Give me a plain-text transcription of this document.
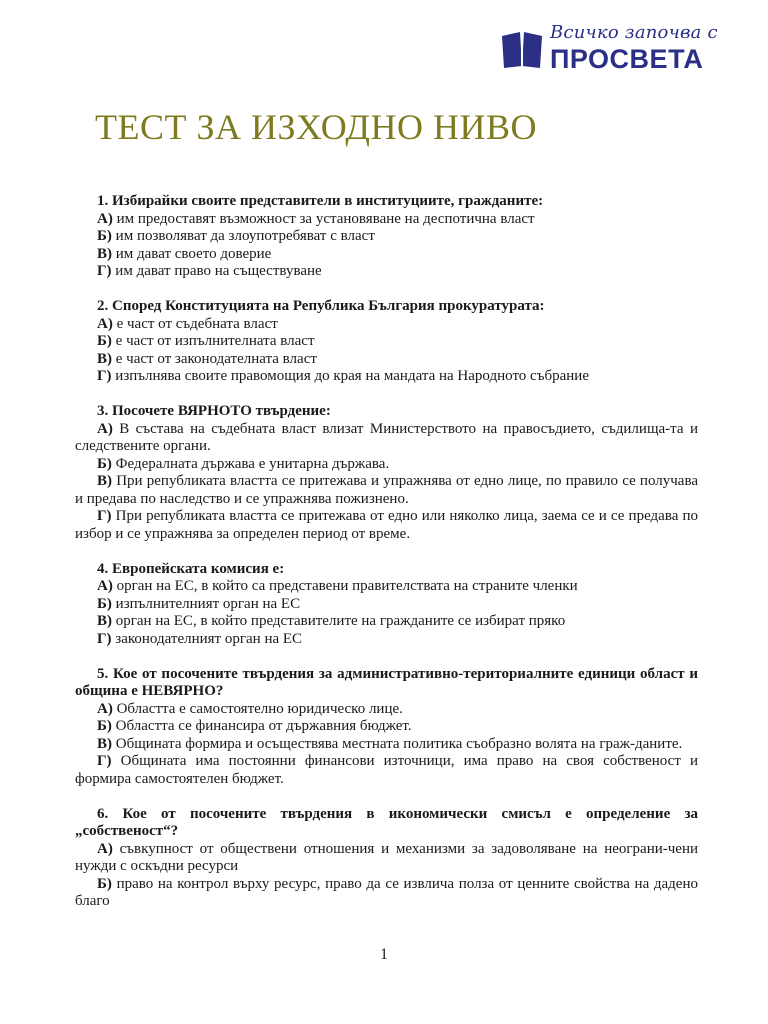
Всичко започва с
ПРОСВЕТА
ТЕСТ ЗА ИЗХОДНО НИВО
1. Избирайки своите представители в институциите, гражданите:
А) им предоставят възможност за установяване на деспотична власт
Б) им позволяват да злоупотребяват с власт
В) им дават своето доверие
Г) им дават право на съществуване
2. Според Конституцията на Република България прокуратурата:
А) е част от съдебната власт
Б) е част от изпълнителната власт
В) е част от законодателната власт
Г) изпълнява своите правомощия до края на мандата на Народното събрание
3. Посочете ВЯРНОТО твърдение:
А) В състава на съдебната власт влизат Министерството на правосъдието, съдилища-та и следствените органи.
Б) Федералната държава е унитарна държава.
В) При републиката властта се притежава и упражнява от едно лице, по правило се получава и предава по наследство и се упражнява пожизнено.
Г) При републиката властта се притежава от едно или няколко лица, заема се и се предава по избор и се упражнява за определен период от време.
4. Европейската комисия е:
А) орган на ЕС, в който са представени правителствата на страните членки
Б) изпълнителният орган на ЕС
В) орган на ЕС, в който представителите на гражданите се избират пряко
Г) законодателният орган на ЕС
5. Кое от посочените твърдения за административно-териториалните единици област и община е НЕВЯРНО?
А) Областта е самостоятелно юридическо лице.
Б) Областта се финансира от държавния бюджет.
В) Общината формира и осъществява местната политика съобразно волята на граж-даните.
Г) Общината има постоянни финансови източници, има право на своя собственост и формира самостоятелен бюджет.
6. Кое от посочените твърдения в икономически смисъл е определение за „собственост“?
А) съвкупност от обществени отношения и механизми за задоволяване на неограни-чени нужди с оскъдни ресурси
Б) право на контрол върху ресурс, право да се извлича полза от ценните свойства на дадено благо
1
